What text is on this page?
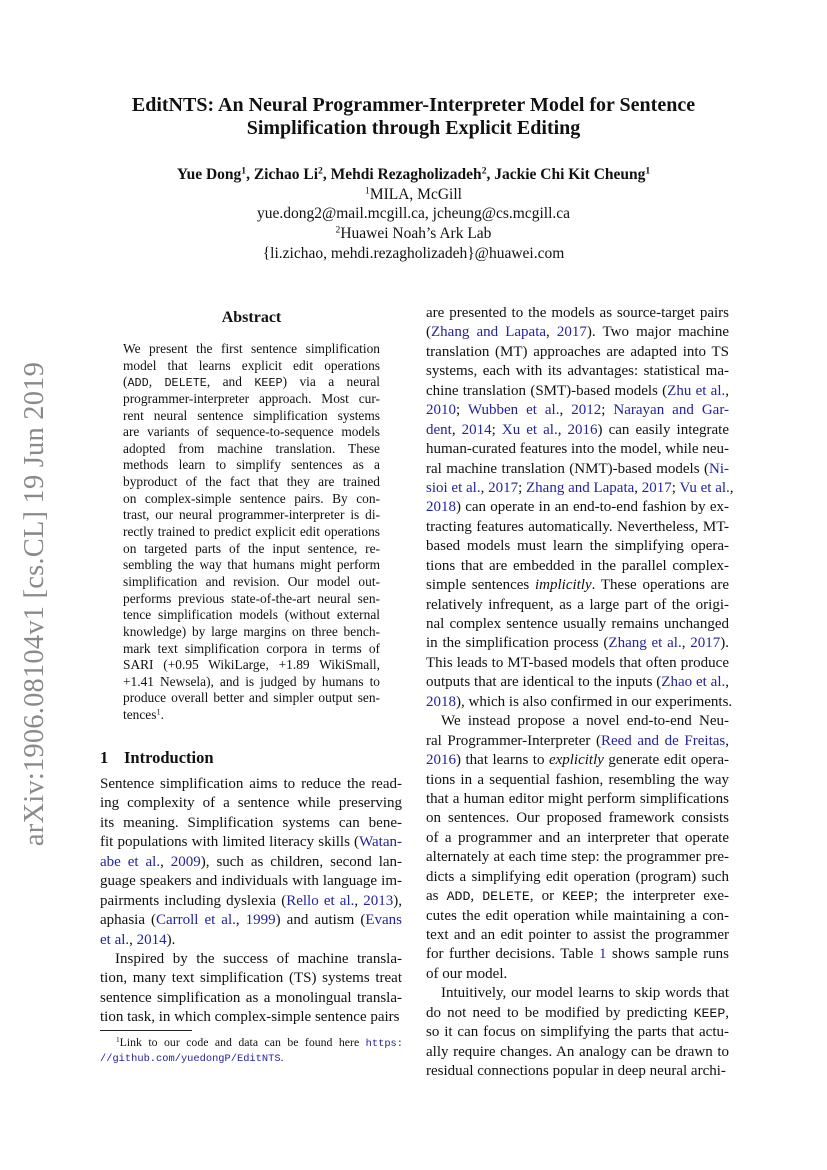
arXiv:1906.08104v1 [cs.CL] 19 Jun 2019
EditNTS: An Neural Programmer-Interpreter Model for Sentence
Simplification through Explicit Editing
Yue Dong$^1$, Zichao Li$^2$, Mehdi Rezagholizadeh$^2$, Jackie Chi Kit Cheung$^1$
$^1$MILA, McGill
yue.dong2@mail.mcgill.ca, jcheung@cs.mcgill.ca
$^2$Huawei Noah’s Ark Lab
{li.zichao, mehdi.rezagholizadeh}@huawei.com
Abstract
We present the first sentence simplification
model that learns explicit edit operations
(ADD, DELETE, and KEEP) via a neural
programmer-interpreter approach. Most cur-
rent neural sentence simplification systems
are variants of sequence-to-sequence models
adopted from machine translation. These
methods learn to simplify sentences as a
byproduct of the fact that they are trained
on complex-simple sentence pairs. By con-
trast, our neural programmer-interpreter is di-
rectly trained to predict explicit edit operations
on targeted parts of the input sentence, re-
sembling the way that humans might perform
simplification and revision. Our model out-
performs previous state-of-the-art neural sen-
tence simplification models (without external
knowledge) by large margins on three bench-
mark text simplification corpora in terms of
SARI (+0.95 WikiLarge, +1.89 WikiSmall,
+1.41 Newsela), and is judged by humans to
produce overall better and simpler output sen-
tences$^1$.
1 Introduction
Sentence simplification aims to reduce the read-
ing complexity of a sentence while preserving
its meaning. Simplification systems can bene-
fit populations with limited literacy skills (Watan-
abe et al., 2009), such as children, second lan-
guage speakers and individuals with language im-
pairments including dyslexia (Rello et al., 2013),
aphasia (Carroll et al., 1999) and autism (Evans
et al., 2014).
Inspired by the success of machine transla-
tion, many text simplification (TS) systems treat
sentence simplification as a monolingual transla-
tion task, in which complex-simple sentence pairs
are presented to the models as source-target pairs
(Zhang and Lapata, 2017). Two major machine
translation (MT) approaches are adapted into TS
systems, each with its advantages: statistical ma-
chine translation (SMT)-based models (Zhu et al.,
2010; Wubben et al., 2012; Narayan and Gar-
dent, 2014; Xu et al., 2016) can easily integrate
human-curated features into the model, while neu-
ral machine translation (NMT)-based models (Ni-
sioi et al., 2017; Zhang and Lapata, 2017; Vu et al.,
2018) can operate in an end-to-end fashion by ex-
tracting features automatically. Nevertheless, MT-
based models must learn the simplifying opera-
tions that are embedded in the parallel complex-
simple sentences implicitly. These operations are
relatively infrequent, as a large part of the origi-
nal complex sentence usually remains unchanged
in the simplification process (Zhang et al., 2017).
This leads to MT-based models that often produce
outputs that are identical to the inputs (Zhao et al.,
2018), which is also confirmed in our experiments.
We instead propose a novel end-to-end Neu-
ral Programmer-Interpreter (Reed and de Freitas,
2016) that learns to explicitly generate edit opera-
tions in a sequential fashion, resembling the way
that a human editor might perform simplifications
on sentences. Our proposed framework consists
of a programmer and an interpreter that operate
alternately at each time step: the programmer pre-
dicts a simplifying edit operation (program) such
as ADD, DELETE, or KEEP; the interpreter exe-
cutes the edit operation while maintaining a con-
text and an edit pointer to assist the programmer
for further decisions. Table 1 shows sample runs
of our model.
Intuitively, our model learns to skip words that
do not need to be modified by predicting KEEP,
so it can focus on simplifying the parts that actu-
ally require changes. An analogy can be drawn to
residual connections popular in deep neural archi-
$^1$Link to our code and data can be found here https:
//github.com/yuedongP/EditNTS.
